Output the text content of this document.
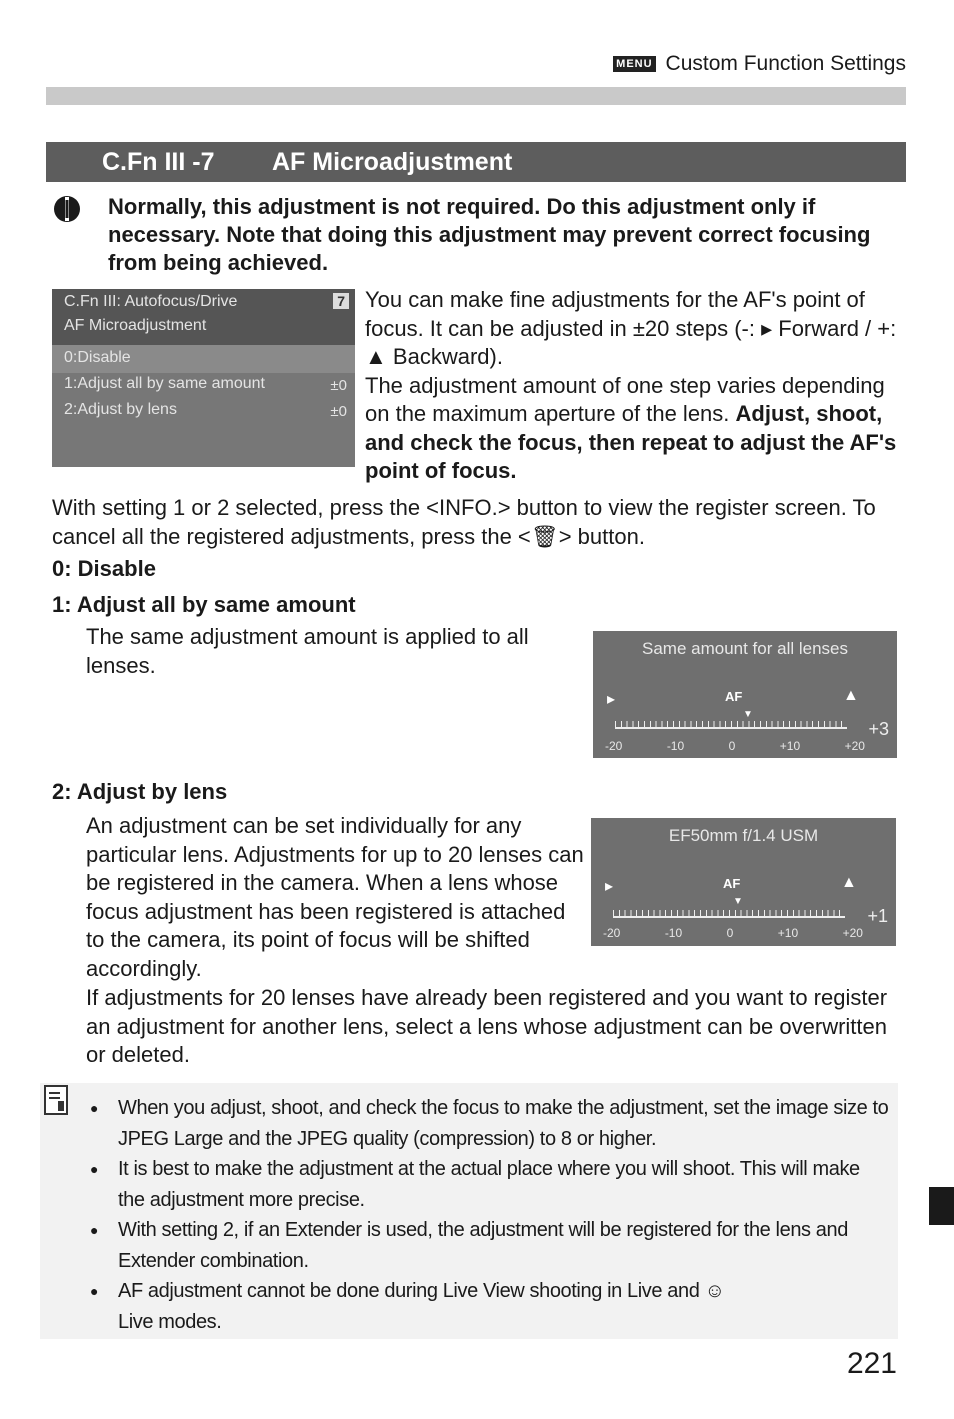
MENU Custom Function Settings
C.Fn III -7 AF Microadjustment
Normally, this adjustment is not required. Do this adjustment only if necessary. Note that doing this adjustment may prevent correct focusing from being achieved.
C.Fn III: Autofocus/Drive
AF Microadjustment
7
0:Disable
1:Adjust all by same amount	±0
2:Adjust by lens	±0
You can make fine adjustments for the AF's point of focus. It can be adjusted in ±20 steps (-: ▸ Forward / +: ▲ Backward).
The adjustment amount of one step varies depending on the maximum aperture of the lens. Adjust, shoot, and check the focus, then repeat to adjust the AF's point of focus.
With setting 1 or 2 selected, press the <INFO.> button to view the register screen. To cancel all the registered adjustments, press the <🗑> button.
0: Disable
1: Adjust all by same amount
The same adjustment amount is applied to all lenses.
Same amount for all lenses
▸	AF	▲
▼
+3
-20	-10	0	+10	+20
2: Adjust by lens
An adjustment can be set individually for any particular lens. Adjustments for up to 20 lenses can be registered in the camera. When a lens whose focus adjustment has been registered is attached to the camera, its point of focus will be shifted accordingly.
EF50mm f/1.4 USM
▸	AF	▲
▼
+1
-20	-10	0	+10	+20
If adjustments for 20 lenses have already been registered and you want to register an adjustment for another lens, select a lens whose adjustment can be overwritten or deleted.
● When you adjust, shoot, and check the focus to make the adjustment, set the image size to JPEG Large and the JPEG quality (compression) to 8 or higher.
● It is best to make the adjustment at the actual place where you will shoot. This will make the adjustment more precise.
● With setting 2, if an Extender is used, the adjustment will be registered for the lens and Extender combination.
● AF adjustment cannot be done during Live View shooting in Live and ☺
Live modes.
221
